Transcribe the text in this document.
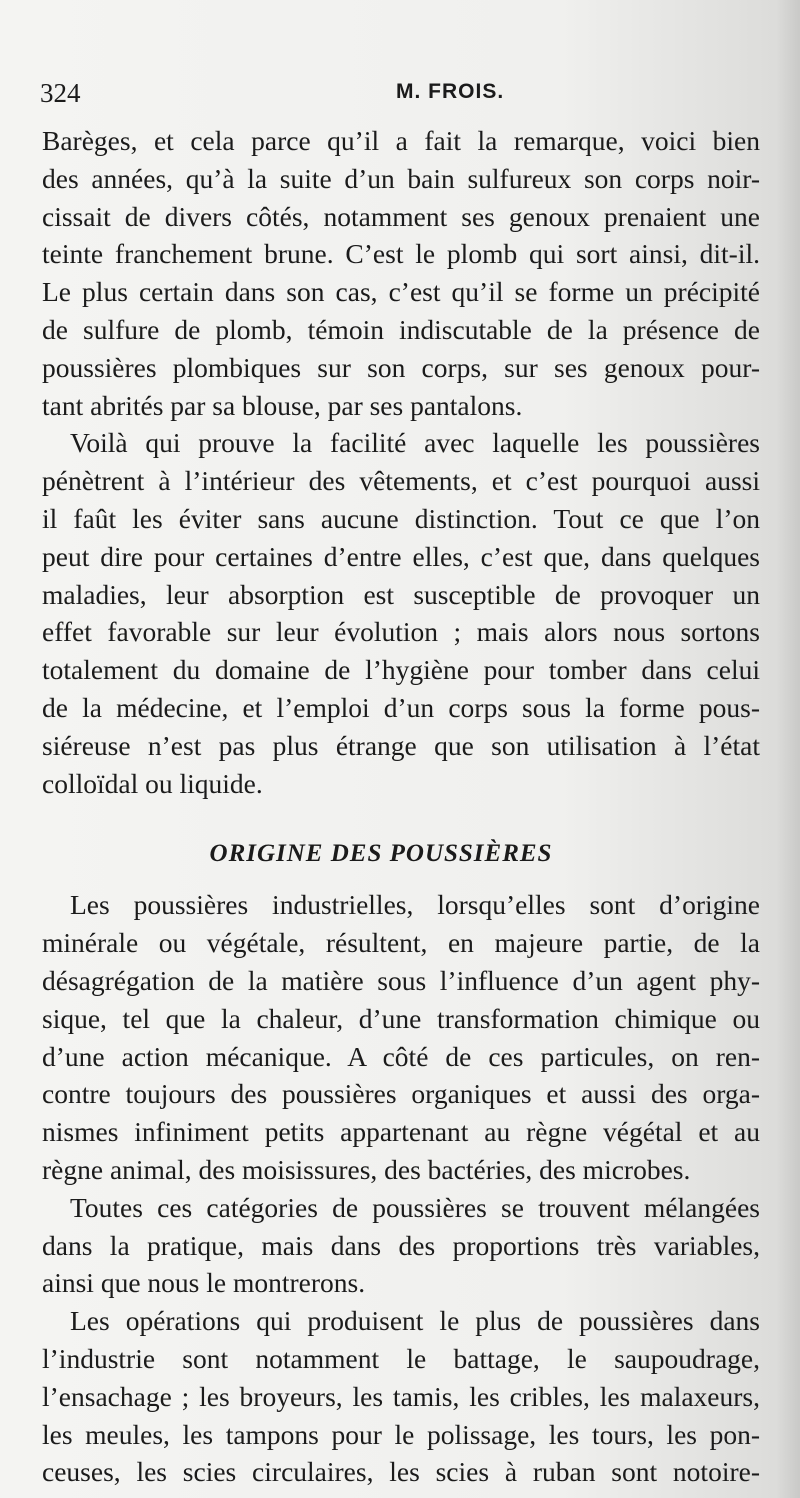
324	M. FROIS.
Barèges, et cela parce qu’il a fait la remarque, voici bien
des années, qu’à la suite d’un bain sulfureux son corps noir-
cissait de divers côtés, notamment ses genoux prenaient une
teinte franchement brune. C’est le plomb qui sort ainsi, dit-il.
Le plus certain dans son cas, c’est qu’il se forme un précipité
de sulfure de plomb, témoin indiscutable de la présence de
poussières plombiques sur son corps, sur ses genoux pour-
tant abrités par sa blouse, par ses pantalons.
Voilà qui prouve la facilité avec laquelle les poussières
pénètrent à l’intérieur des vêtements, et c’est pourquoi aussi
il faût les éviter sans aucune distinction. Tout ce que l’on
peut dire pour certaines d’entre elles, c’est que, dans quelques
maladies, leur absorption est susceptible de provoquer un
effet favorable sur leur évolution ; mais alors nous sortons
totalement du domaine de l’hygiène pour tomber dans celui
de la médecine, et l’emploi d’un corps sous la forme pous-
siéreuse n’est pas plus étrange que son utilisation à l’état
colloïdal ou liquide.
ORIGINE DES POUSSIÈRES
Les poussières industrielles, lorsqu’elles sont d’origine
minérale ou végétale, résultent, en majeure partie, de la
désagrégation de la matière sous l’influence d’un agent phy-
sique, tel que la chaleur, d’une transformation chimique ou
d’une action mécanique. A côté de ces particules, on ren-
contre toujours des poussières organiques et aussi des orga-
nismes infiniment petits appartenant au règne végétal et au
règne animal, des moisissures, des bactéries, des microbes.
Toutes ces catégories de poussières se trouvent mélangées
dans la pratique, mais dans des proportions très variables,
ainsi que nous le montrerons.
Les opérations qui produisent le plus de poussières dans
l’industrie sont notamment le battage, le saupoudrage,
l’ensachage ; les broyeurs, les tamis, les cribles, les malaxeurs,
les meules, les tampons pour le polissage, les tours, les pon-
ceuses, les scies circulaires, les scies à ruban sont notoire-
